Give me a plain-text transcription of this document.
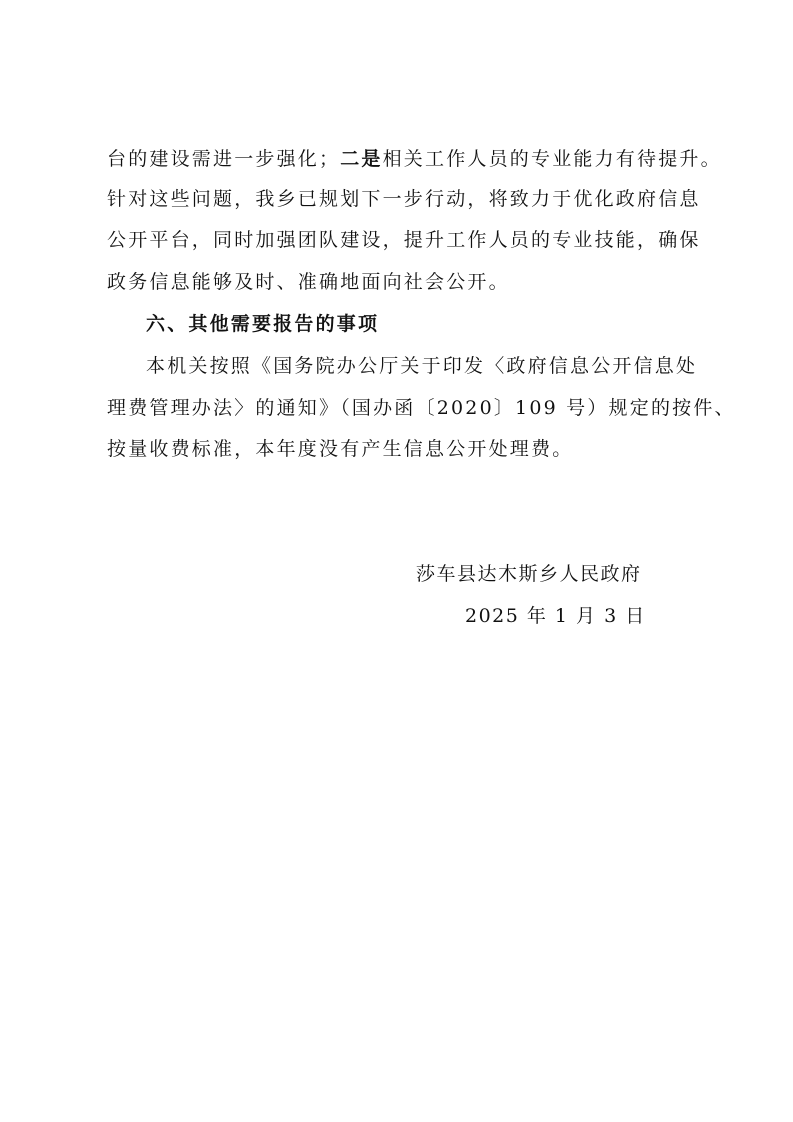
台的建设需进一步强化；二是相关工作人员的专业能力有待提升。
针对这些问题，我乡已规划下一步行动，将致力于优化政府信息
公开平台，同时加强团队建设，提升工作人员的专业技能，确保
政务信息能够及时、准确地面向社会公开。
六、其他需要报告的事项
本机关按照《国务院办公厅关于印发〈政府信息公开信息处
理费管理办法〉的通知》（国办函〔2020〕109 号）规定的按件、
按量收费标准，本年度没有产生信息公开处理费。
莎车县达木斯乡人民政府
2025 年 1 月 3 日
